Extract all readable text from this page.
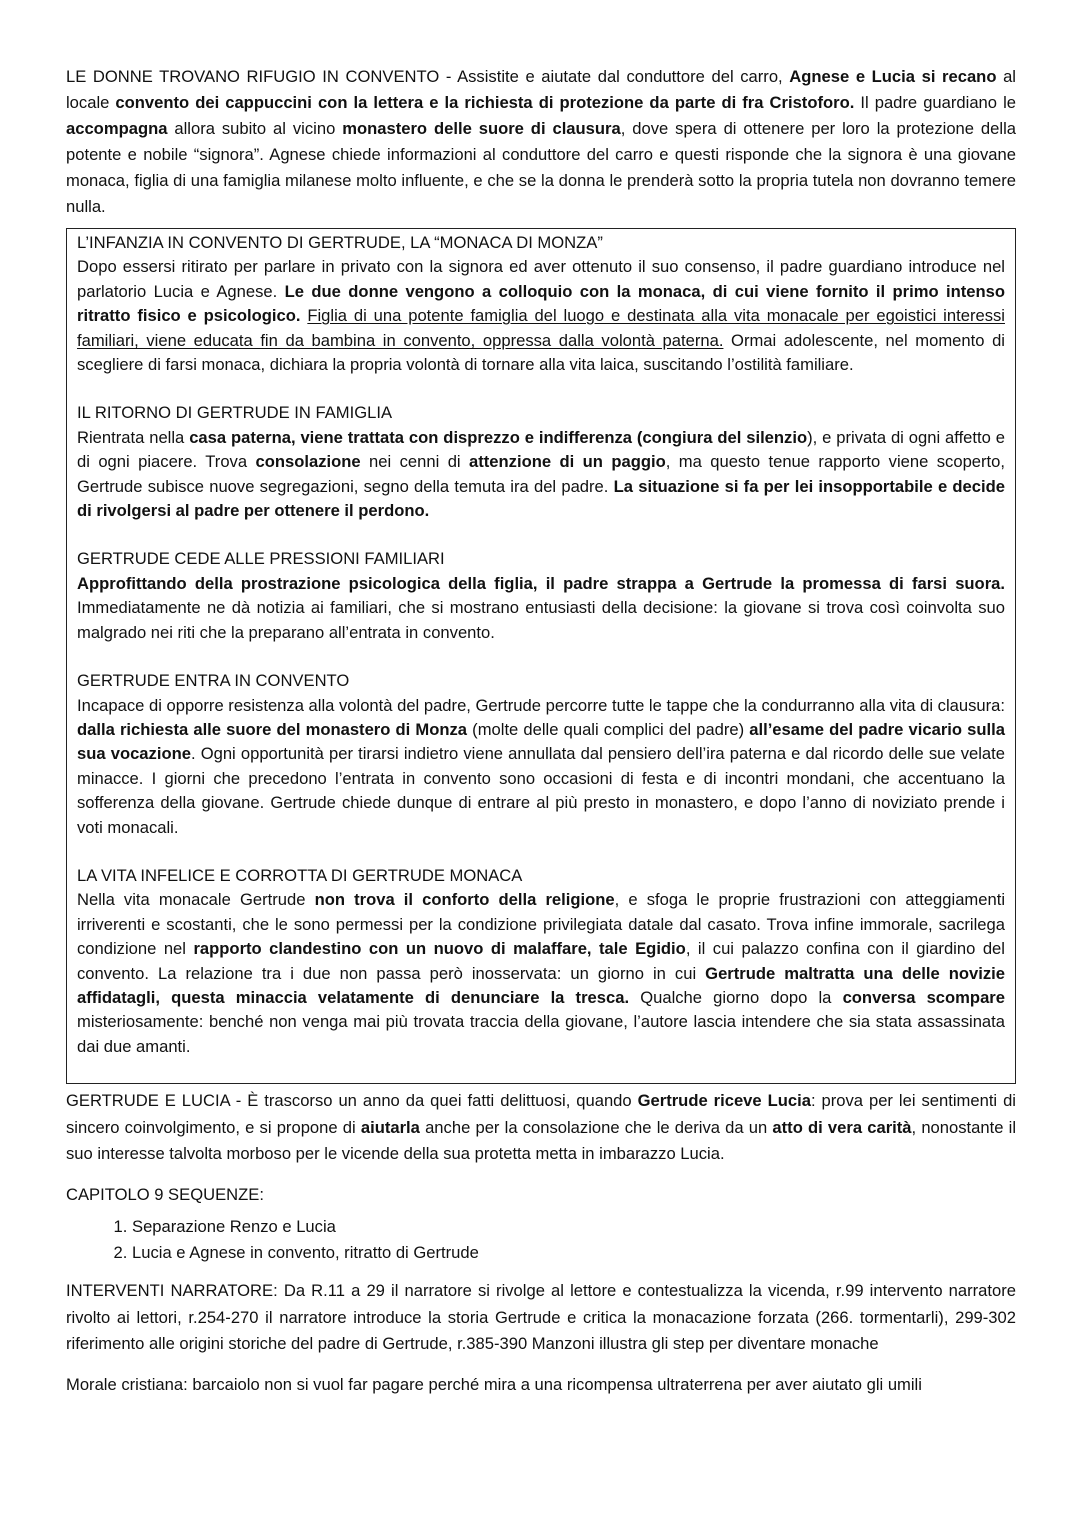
LE DONNE TROVANO RIFUGIO IN CONVENTO - Assistite e aiutate dal conduttore del carro, Agnese e Lucia si recano al locale convento dei cappuccini con la lettera e la richiesta di protezione da parte di fra Cristoforo. Il padre guardiano le accompagna allora subito al vicino monastero delle suore di clausura, dove spera di ottenere per loro la protezione della potente e nobile “signora”. Agnese chiede informazioni al conduttore del carro e questi risponde che la signora è una giovane monaca, figlia di una famiglia milanese molto influente, e che se la donna le prenderà sotto la propria tutela non dovranno temere nulla.

L’INFANZIA IN CONVENTO DI GERTRUDE, LA “MONACA DI MONZA”

Dopo essersi ritirato per parlare in privato con la signora ed aver ottenuto il suo consenso, il padre guardiano introduce nel parlatorio Lucia e Agnese. Le due donne vengono a colloquio con la monaca, di cui viene fornito il primo intenso ritratto fisico e psicologico. Figlia di una potente famiglia del luogo e destinata alla vita monacale per egoistici interessi familiari, viene educata fin da bambina in convento, oppressa dalla volontà paterna. Ormai adolescente, nel momento di scegliere di farsi monaca, dichiara la propria volontà di tornare alla vita laica, suscitando l’ostilità familiare.

IL RITORNO DI GERTRUDE IN FAMIGLIA

Rientrata nella casa paterna, viene trattata con disprezzo e indifferenza (congiura del silenzio), e privata di ogni affetto e di ogni piacere. Trova consolazione nei cenni di attenzione di un paggio, ma questo tenue rapporto viene scoperto, Gertrude subisce nuove segregazioni, segno della temuta ira del padre. La situazione si fa per lei insopportabile e decide di rivolgersi al padre per ottenere il perdono.

GERTRUDE CEDE ALLE PRESSIONI FAMILIARI

Approfittando della prostrazione psicologica della figlia, il padre strappa a Gertrude la promessa di farsi suora. Immediatamente ne dà notizia ai familiari, che si mostrano entusiasti della decisione: la giovane si trova così coinvolta suo malgrado nei riti che la preparano all’entrata in convento.

GERTRUDE ENTRA IN CONVENTO

Incapace di opporre resistenza alla volontà del padre, Gertrude percorre tutte le tappe che la condurranno alla vita di clausura: dalla richiesta alle suore del monastero di Monza (molte delle quali complici del padre) all’esame del padre vicario sulla sua vocazione. Ogni opportunità per tirarsi indietro viene annullata dal pensiero dell’ira paterna e dal ricordo delle sue velate minacce. I giorni che precedono l’entrata in convento sono occasioni di festa e di incontri mondani, che accentuano la sofferenza della giovane. Gertrude chiede dunque di entrare al più presto in monastero, e dopo l’anno di noviziato prende i voti monacali.

LA VITA INFELICE E CORROTTA DI GERTRUDE MONACA

Nella vita monacale Gertrude non trova il conforto della religione, e sfoga le proprie frustrazioni con atteggiamenti irriverenti e scostanti, che le sono permessi per la condizione privilegiata datale dal casato. Trova infine immorale, sacrilega condizione nel rapporto clandestino con un nuovo di malaffare, tale Egidio, il cui palazzo confina con il giardino del convento. La relazione tra i due non passa però inosservata: un giorno in cui Gertrude maltratta una delle novizie affidatagli, questa minaccia velatamente di denunciare la tresca. Qualche giorno dopo la conversa scompare misteriosamente: benché non venga mai più trovata traccia della giovane, l’autore lascia intendere che sia stata assassinata dai due amanti.

GERTRUDE E LUCIA - È trascorso un anno da quei fatti delittuosi, quando Gertrude riceve Lucia: prova per lei sentimenti di sincero coinvolgimento, e si propone di aiutarla anche per la consolazione che le deriva da un atto di vera carità, nonostante il suo interesse talvolta morboso per le vicende della sua protetta metta in imbarazzo Lucia.

CAPITOLO 9 SEQUENZE:

1. Separazione Renzo e Lucia
2. Lucia e Agnese in convento, ritratto di Gertrude

INTERVENTI NARRATORE: Da R.11 a 29 il narratore si rivolge al lettore e contestualizza la vicenda, r.99 intervento narratore rivolto ai lettori, r.254-270 il narratore introduce la storia Gertrude e critica la monacazione forzata (266. tormentarli), 299-302 riferimento alle origini storiche del padre di Gertrude, r.385-390 Manzoni illustra gli step per diventare monache

Morale cristiana: barcaiolo non si vuol far pagare perché mira a una ricompensa ultraterrena per aver aiutato gli umili
